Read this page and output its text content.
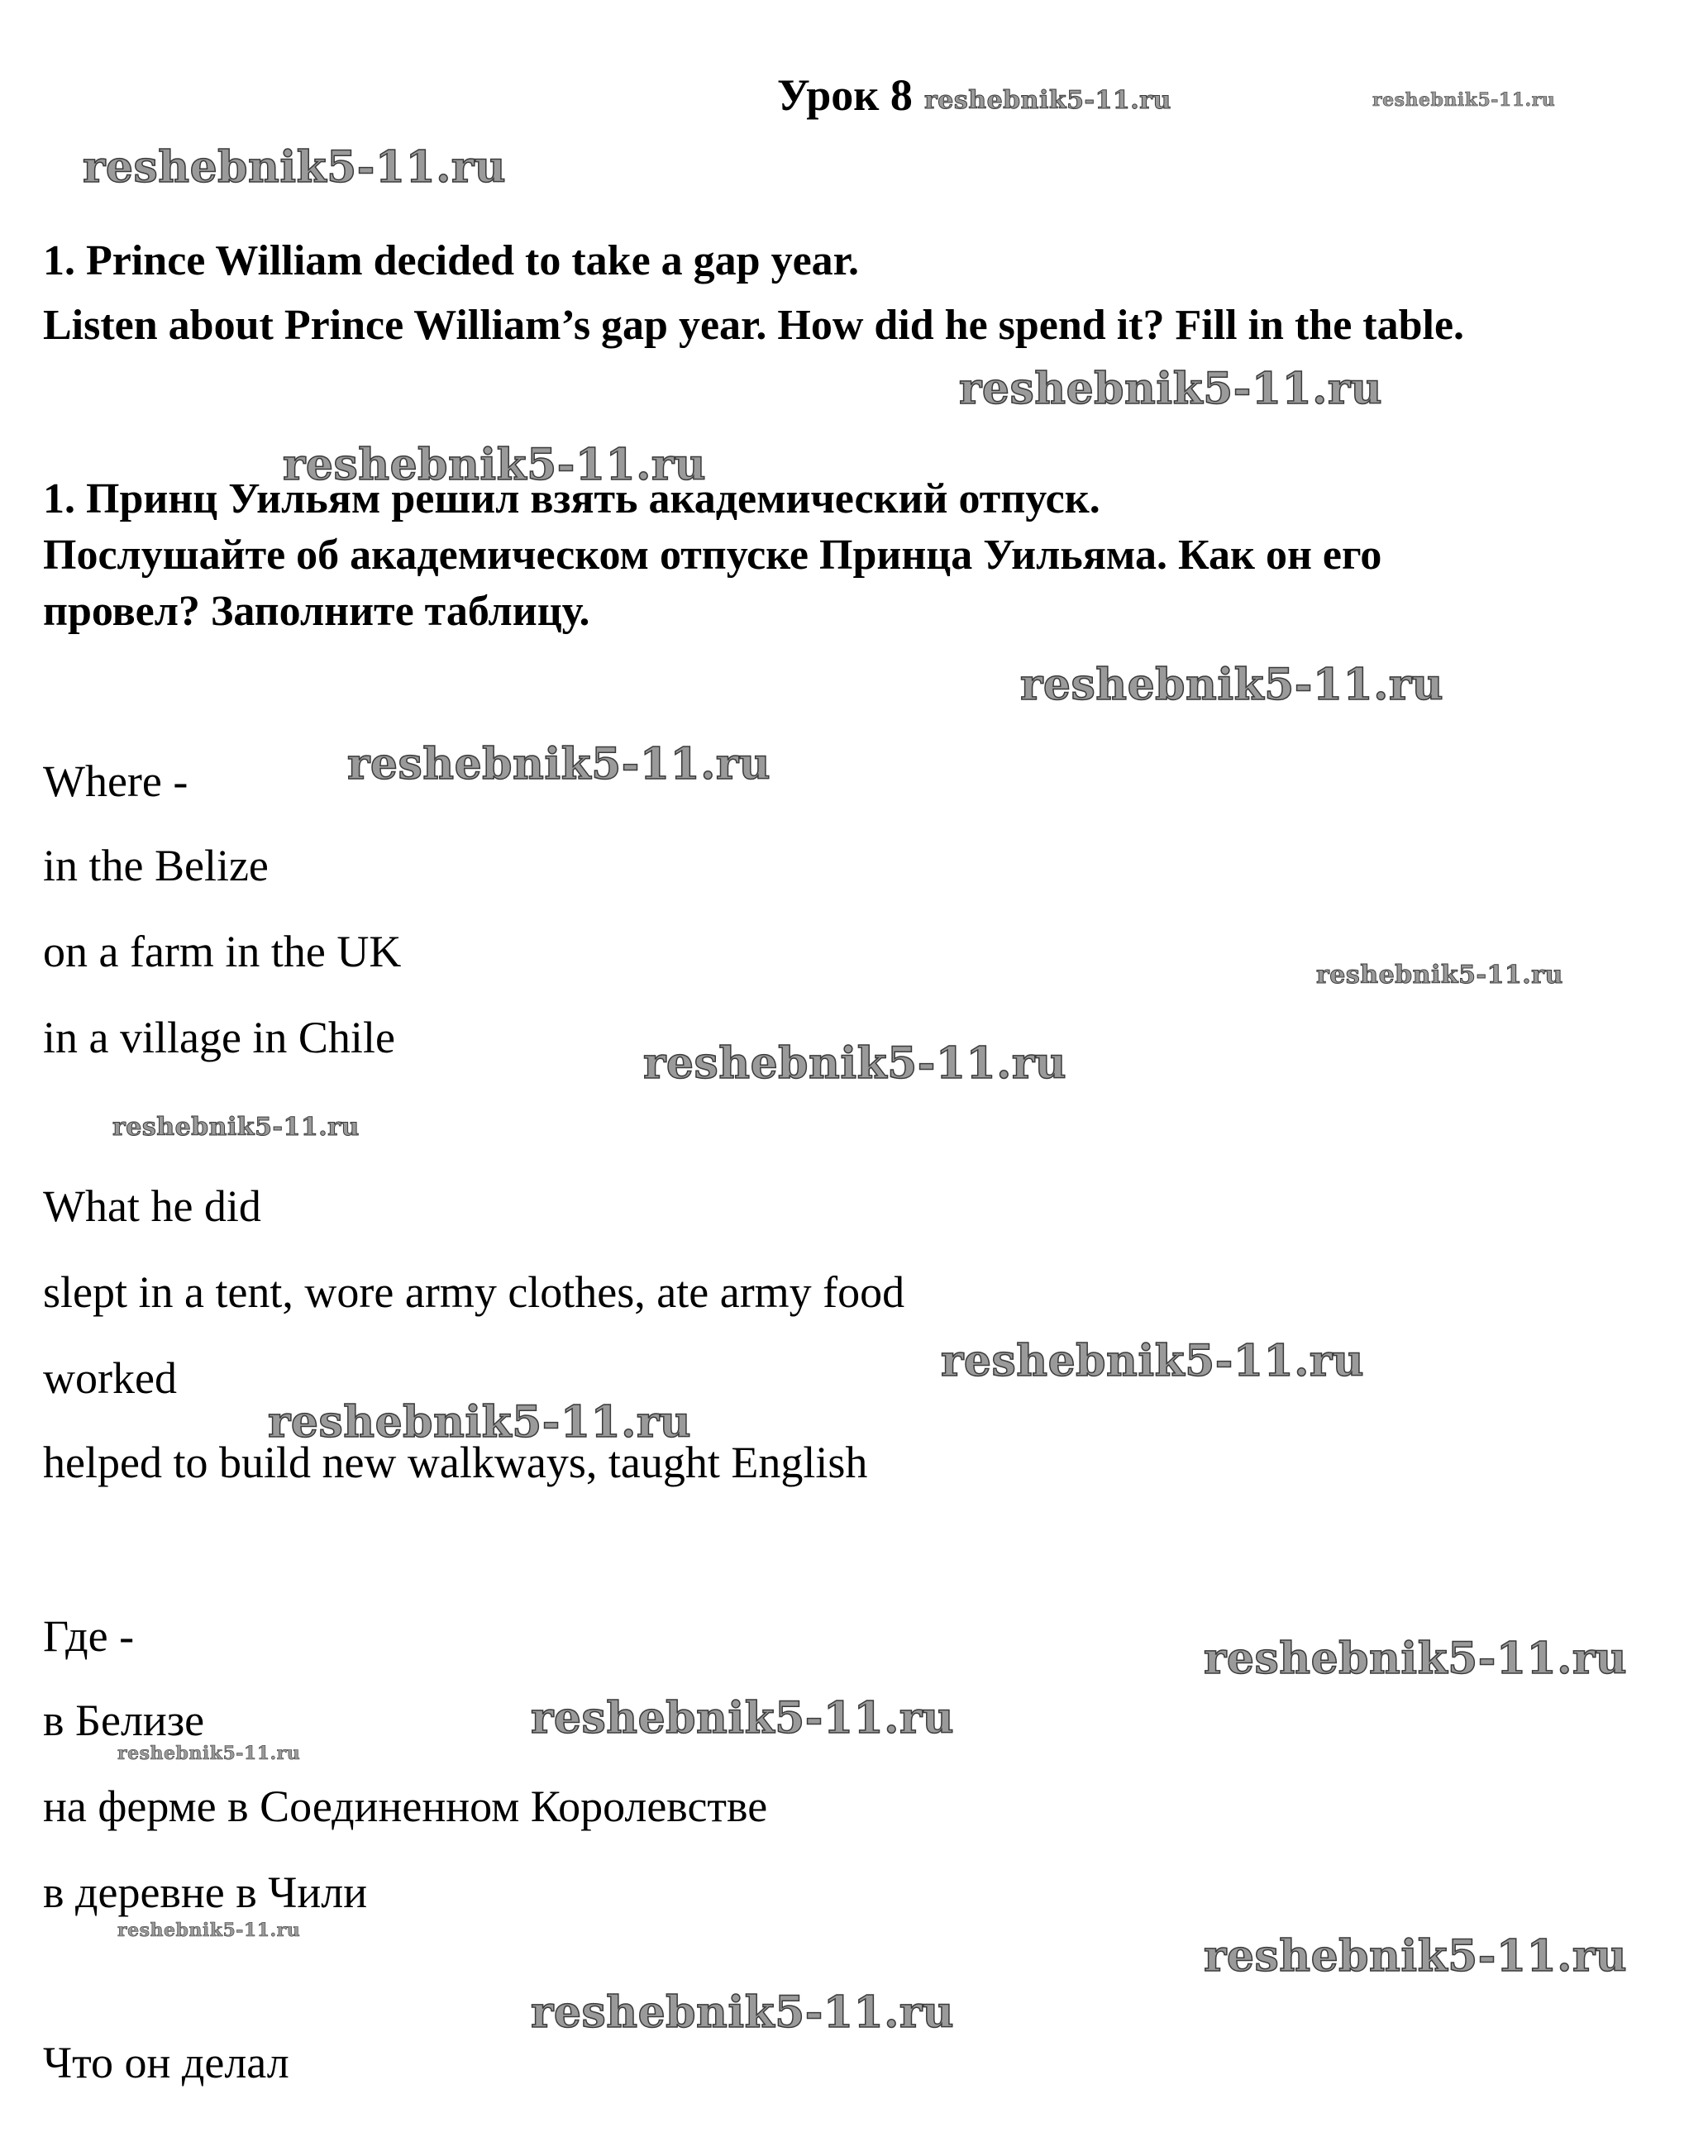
Урок 8
1. Prince William decided to take a gap year.
Listen about Prince William’s gap year. How did he spend it? Fill in the table.
1. Принц Уильям решил взять академический отпуск.
Послушайте об академическом отпуске Принца Уильяма. Как он его
провел? Заполните таблицу.
Where -
in the Belize
on a farm in the UK
in a village in Chile
What he did
slept in a tent, wore army clothes, ate army food
worked
helped to build new walkways, taught English
Где -
в Белизе
на ферме в Соединенном Королевстве
в деревне в Чили
Что он делал
reshebnik5-11.ru	reshebnik5-11.ru
reshebnik5-11.ru
reshebnik5-11.ru
reshebnik5-11.ru
reshebnik5-11.ru
reshebnik5-11.ru
reshebnik5-11.ru
reshebnik5-11.ru
reshebnik5-11.ru
reshebnik5-11.ru
reshebnik5-11.ru
reshebnik5-11.ru
reshebnik5-11.ru
reshebnik5-11.ru
reshebnik5-11.ru
reshebnik5-11.ru
reshebnik5-11.ru
